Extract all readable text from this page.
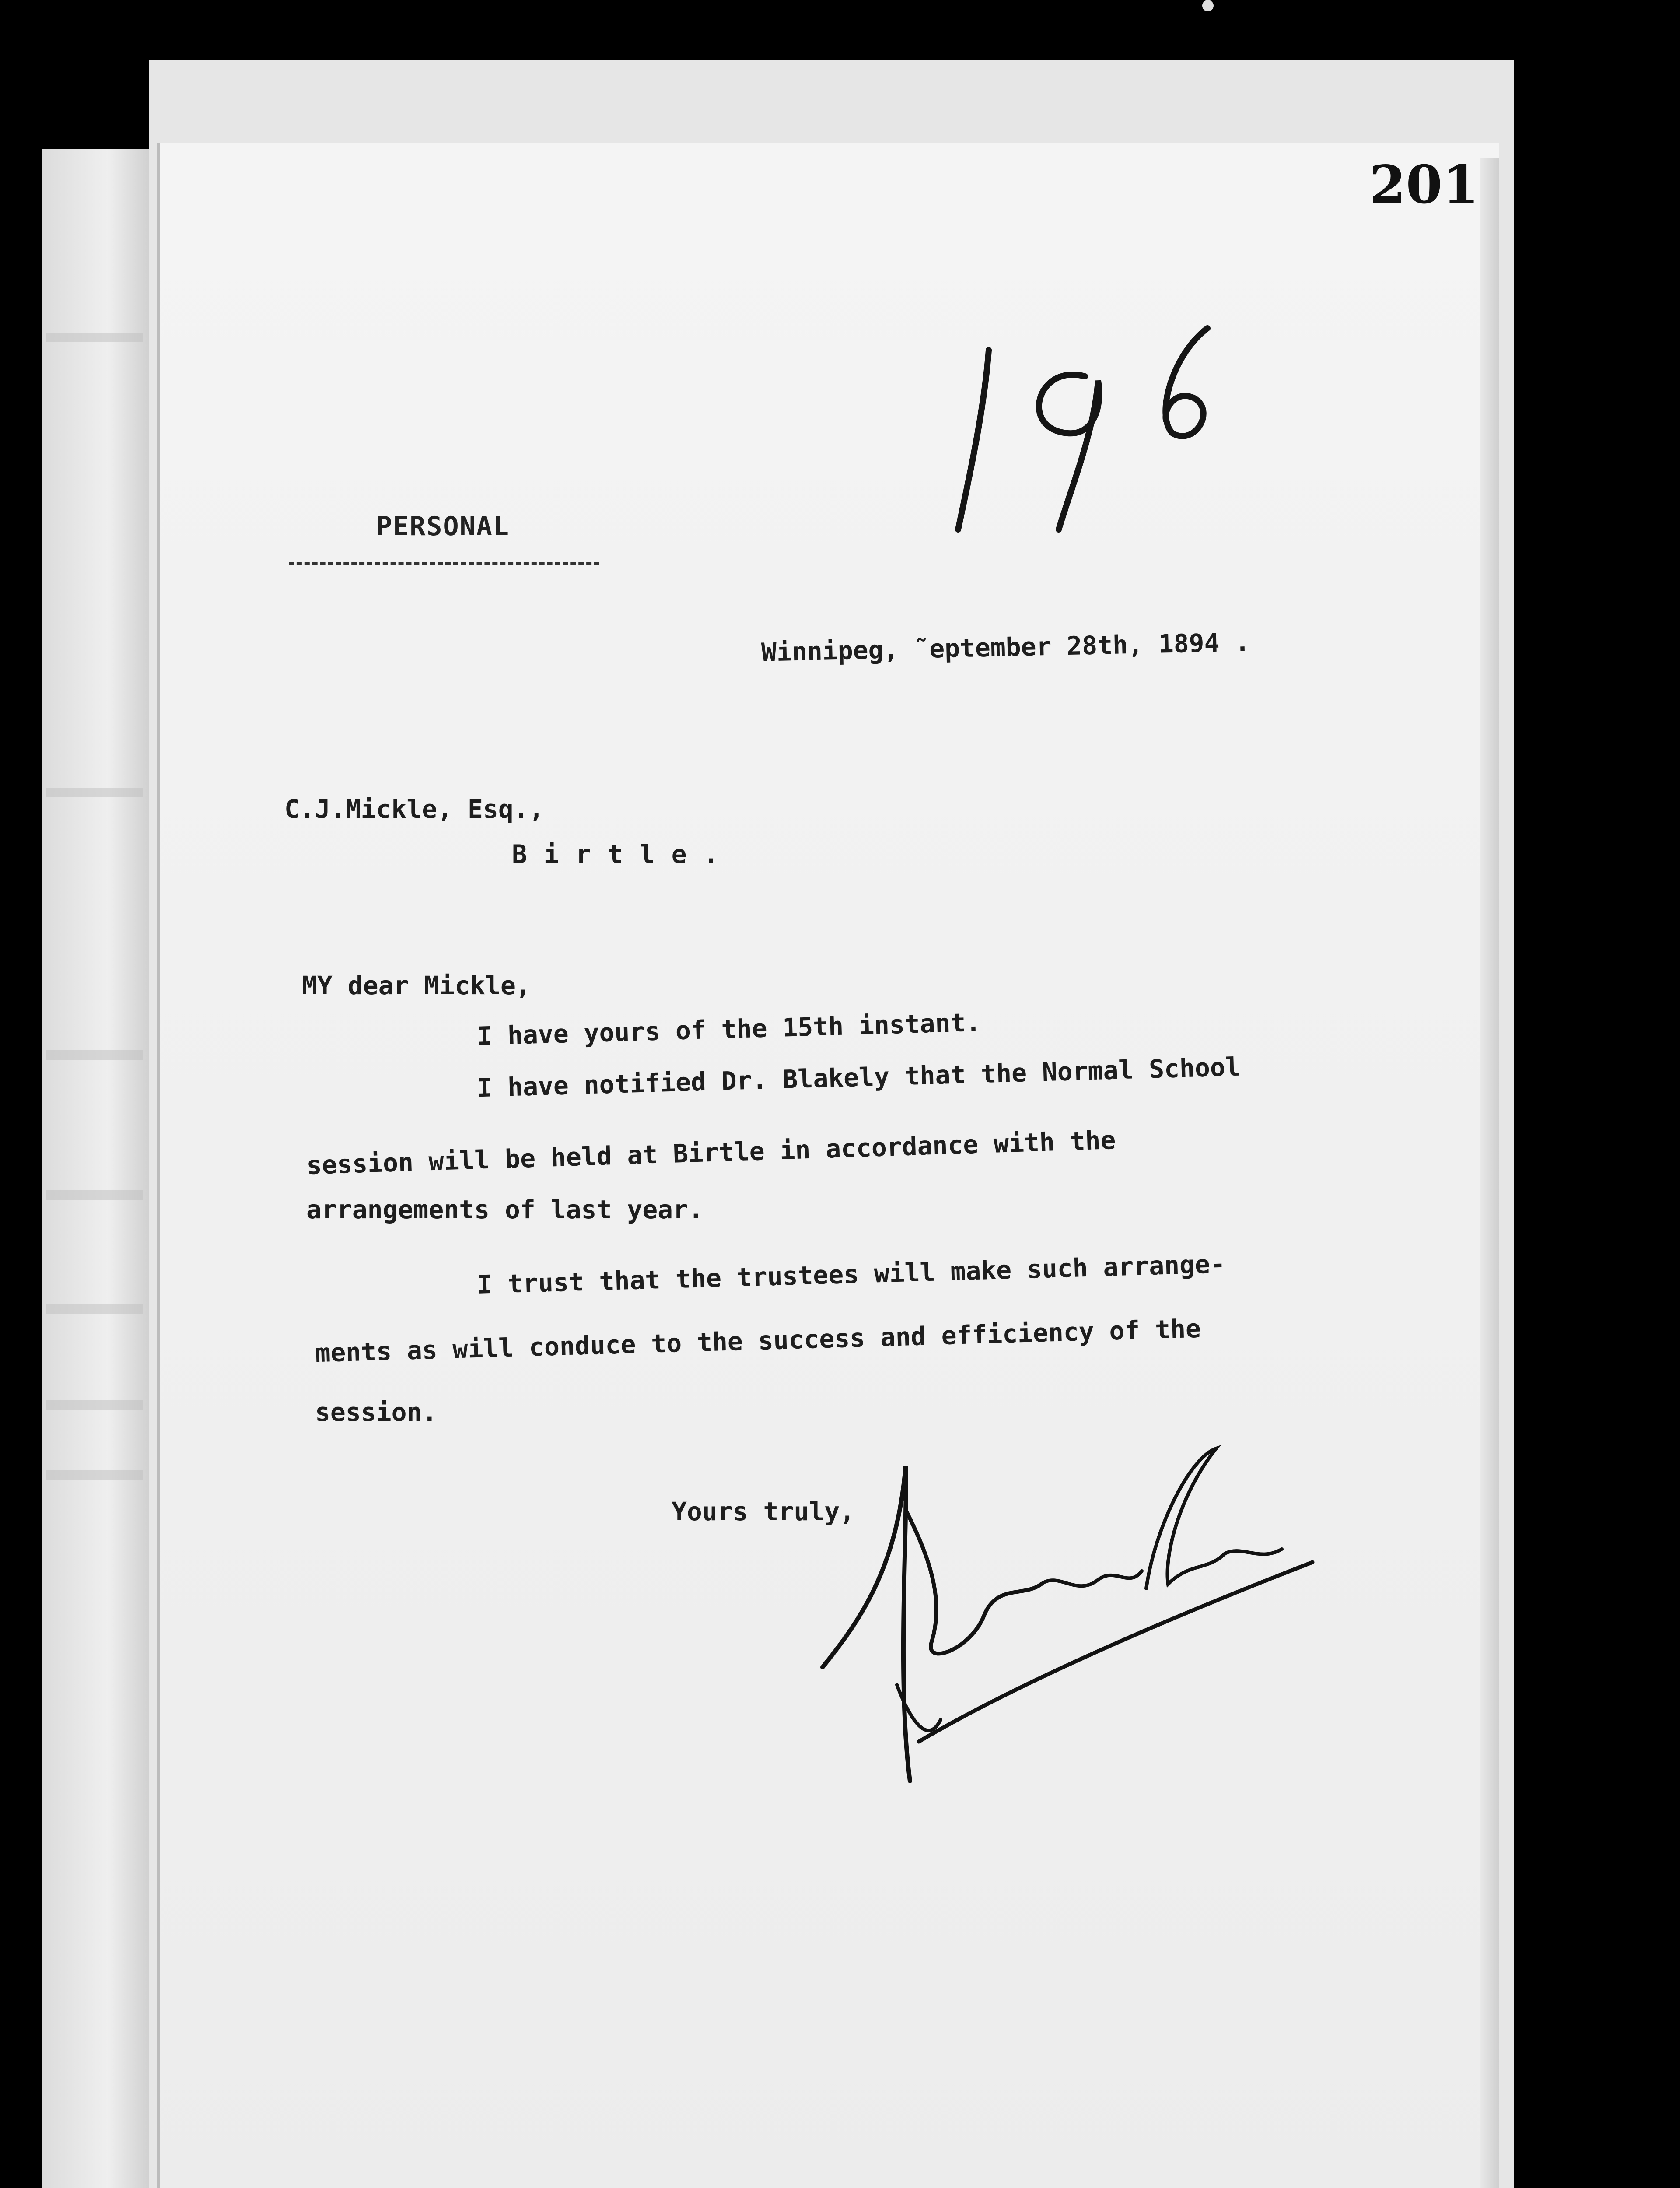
201
PERSONAL
Winnipeg, ˜eptember 28th, 1894 .
C.J.Mickle, Esq.,
Birtle.
MY dear Mickle,
I have yours of the 15th instant.
I have notified Dr. Blakely that the Normal School
session will be held at Birtle in accordance with the
arrangements of last year.
I trust that the trustees will make such arrange-
ments as will conduce to the success and efficiency of the
session.
Yours truly,
